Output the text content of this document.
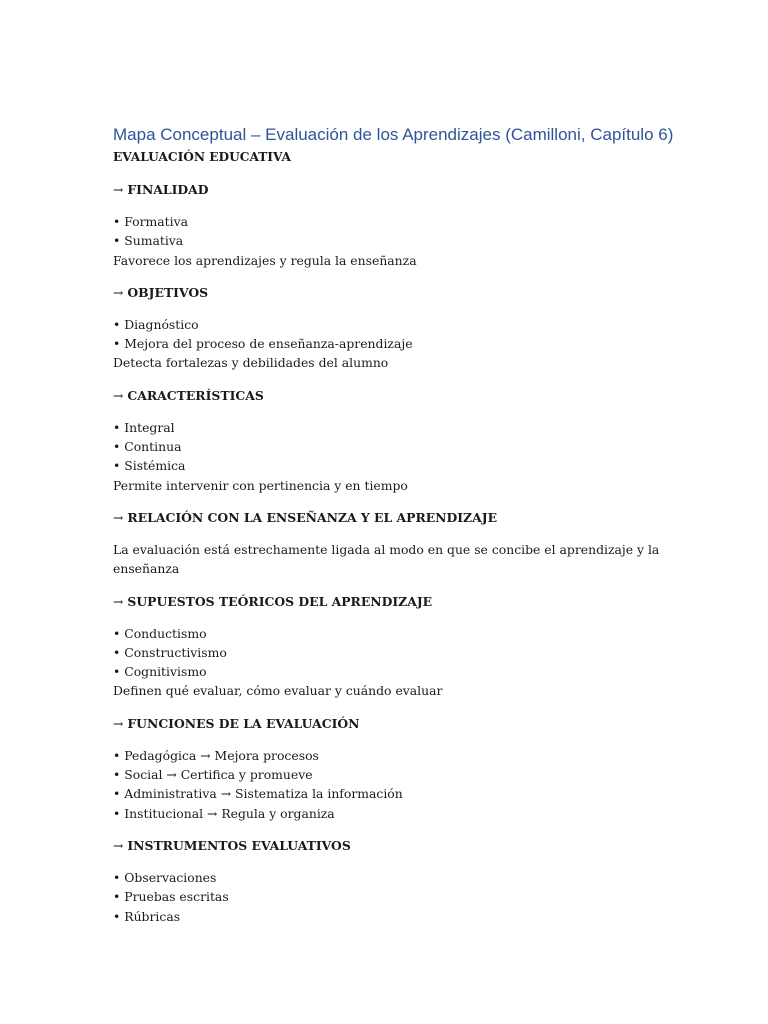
Mapa Conceptual – Evaluación de los Aprendizajes (Camilloni, Capítulo 6)
EVALUACIÓN EDUCATIVA
→ FINALIDAD
• Formativa
• Sumativa
Favorece los aprendizajes y regula la enseñanza
→ OBJETIVOS
• Diagnóstico
• Mejora del proceso de enseñanza-aprendizaje
Detecta fortalezas y debilidades del alumno
→ CARACTERÍSTICAS
• Integral
• Continua
• Sistémica
Permite intervenir con pertinencia y en tiempo
→ RELACIÓN CON LA ENSEÑANZA Y EL APRENDIZAJE
La evaluación está estrechamente ligada al modo en que se concibe el aprendizaje y la enseñanza
→ SUPUESTOS TEÓRICOS DEL APRENDIZAJE
• Conductismo
• Constructivismo
• Cognitivismo
Definen qué evaluar, cómo evaluar y cuándo evaluar
→ FUNCIONES DE LA EVALUACIÓN
• Pedagógica → Mejora procesos
• Social → Certifica y promueve
• Administrativa → Sistematiza la información
• Institucional → Regula y organiza
→ INSTRUMENTOS EVALUATIVOS
• Observaciones
• Pruebas escritas
• Rúbricas
